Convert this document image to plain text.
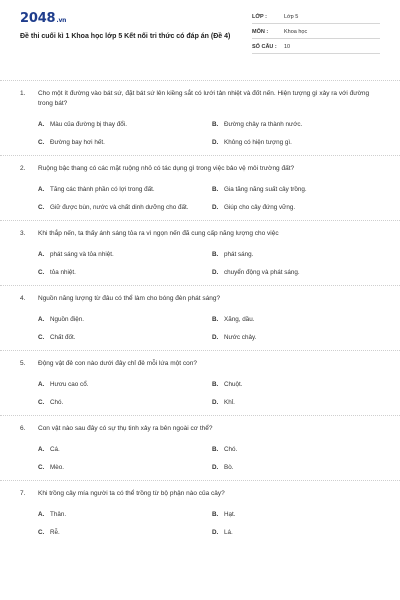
2048.vn
Đề thi cuối kì 1 Khoa học lớp 5 Kết nối tri thức có đáp án (Đề 4)
LỚP :	Lớp 5
MÔN :	Khoa học
SỐ CÂU :	10
1.	Cho một ít đường vào bát sứ, đặt bát sứ lên kiềng sắt có lưới tản nhiệt và đốt nến. Hiện tượng gì xảy ra với đường trong bát?
A. Màu của đường bị thay đổi.	B. Đường chảy ra thành nước.
C. Đường bay hơi hết.	D. Không có hiện tượng gì.
2.	Ruộng bậc thang có các mặt ruộng nhỏ có tác dụng gì trong việc bảo vệ môi trường đất?
A. Tăng các thành phần có lợi trong đất.	B. Gia tăng năng suất cây trồng.
C. Giữ được bùn, nước và chất dinh dưỡng cho đất.	D. Giúp cho cây đứng vững.
3.	Khi thắp nến, ta thấy ánh sáng tỏa ra vì ngọn nến đã cung cấp năng lượng cho việc
A. phát sáng và tỏa nhiệt.	B. phát sáng.
C. tỏa nhiệt.	D. chuyển động và phát sáng.
4.	Nguồn năng lượng từ đâu có thể làm cho bóng đèn phát sáng?
A. Nguồn điện.	B. Xăng, dầu.
C. Chất đốt.	D. Nước chảy.
5.	Động vật đẻ con nào dưới đây chỉ đẻ mỗi lứa một con?
A. Hươu cao cổ.	B. Chuột.
C. Chó.	D. Khỉ.
6.	Con vật nào sau đây có sự thụ tinh xảy ra bên ngoài cơ thể?
A. Cá.	B. Chó.
C. Mèo.	D. Bò.
7.	Khi trồng cây mía người ta có thể trồng từ bộ phận nào của cây?
A. Thân.	B. Hạt.
C. Rễ.	D. Lá.
